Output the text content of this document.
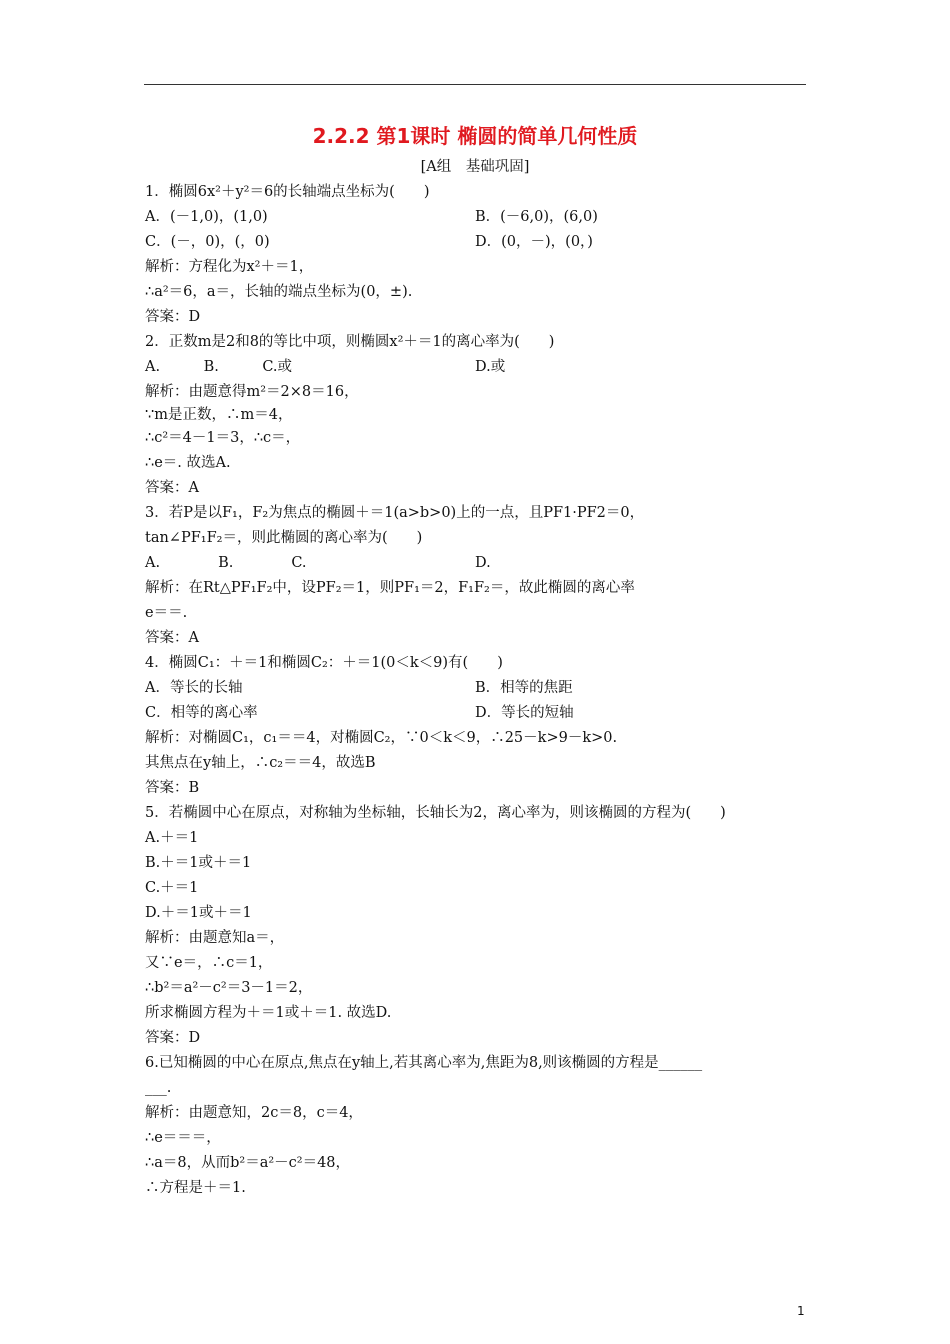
2.2.2 第1课时 椭圆的简单几何性质
[A组　基础巩固]
1．椭圆6x²＋y²＝6的长轴端点坐标为(　　)
A．(－1,0)，(1,0)	B．(－6,0)，(6,0)
C．(－，0)，(，0)	D．(0，－)，(0，)
解析：方程化为x²＋＝1，
∴a²＝6，a＝，长轴的端点坐标为(0，±).
答案：D
2．正数m是2和8的等比中项，则椭圆x²＋＝1的离心率为(　　)
A.　　　B.　　　C.或	D.或
解析：由题意得m²＝2×8＝16，
∵m是正数，∴m＝4，
∴c²＝4－1＝3，∴c＝，
∴e＝. 故选A.
答案：A
3．若P是以F₁，F₂为焦点的椭圆＋＝1(a>b>0)上的一点，且PF1·PF2＝0，
tan∠PF₁F₂＝，则此椭圆的离心率为(　　)
A.　　　　B.　　　　C.	D.
解析：在Rt△PF₁F₂中，设PF₂＝1，则PF₁＝2，F₁F₂＝，故此椭圆的离心率
e＝＝.
答案：A
4．椭圆C₁：＋＝1和椭圆C₂：＋＝1(0＜k＜9)有(　　)
A．等长的长轴	B．相等的焦距
C．相等的离心率	D．等长的短轴
解析：对椭圆C₁，c₁＝＝4，对椭圆C₂，∵0＜k＜9，∴25－k>9－k>0.
其焦点在y轴上，∴c₂＝＝4，故选B
答案：B
5．若椭圆中心在原点，对称轴为坐标轴，长轴长为2，离心率为，则该椭圆的方程为(　　)
A.＋＝1
B.＋＝1或＋＝1
C.＋＝1
D.＋＝1或＋＝1
解析：由题意知a＝，
又∵e＝，∴c＝1，
∴b²＝a²－c²＝3－1＝2，
所求椭圆方程为＋＝1或＋＝1. 故选D.
答案：D
6.已知椭圆的中心在原点,焦点在y轴上,若其离心率为,焦距为8,则该椭圆的方程是______
___.
解析：由题意知，2c＝8，c＝4，
∴e＝＝＝，
∴a＝8，从而b²＝a²－c²＝48，
∴方程是＋＝1.
1
